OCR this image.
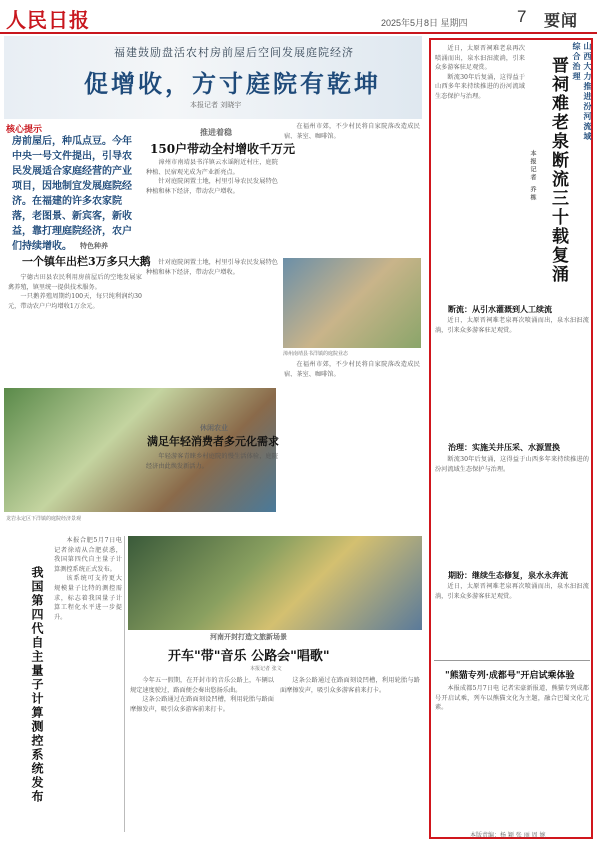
人民日报	2025年5月8日 星期四	7 要闻
福建鼓励盘活农村房前屋后空间发展庭院经济
促增收，方寸庭院有乾坤
本报记者 刘晓宇
核心提示
房前屋后，种瓜点豆。今年中央一号文件提出，引导农民发展适合家庭经营的产业项目，因地制宜发展庭院经济。在福建的许多农家院落，老图景、新宾客，新收益，靠打理庭院经济，农户们持续增收。
推进着稳
150户带动全村增收千万元

漳州市南靖县书洋镇云水谣附近村庄，庭院种植、民宿观光成为产业新亮点。

针对庭院闲置土地，村里引导农民发展特色种植和林下经济，带动农户增收。

在福州市郊，不少村民将自家院落改造成民宿、茶室、咖啡馆。

漳州南靖县书洋镇的庭院业态
特色种养
一个镇年出栏3万多只大鹅

宁德古田县农民利用房前屋后的空地发展家禽养殖，镇里统一提供技术服务。

一只鹅养殖周期约100天，每只纯利润约30元，带动农户户均增收1万余元。

针对庭院闲置土地，村里引导农民发展特色种植和林下经济，带动农户增收。

龙岩永定区下洋镇的庭院经济景观
休闲农业
满足年轻消费者多元化需求

年轻游客青睐乡村庭院的慢生活体验，庭院经济由此焕发新活力。

在福州市郊，不少村民将自家院落改造成民宿、茶室、咖啡馆。

我国第四代自主量子计算测控系统发布

本报合肥5月7日电 记者徐靖从合肥获悉，我国第四代自主量子计算测控系统正式发布。

该系统可支持更大规模量子比特的测控需求，标志着我国量子计算工程化水平进一步提升。

河南开封打造文旅新场景
开车"带"音乐 公路会"唱歌"
本报记者 张文

今年五一假期，在开封市的音乐公路上，车辆以规定速度驶过，路面便会奏出悠扬乐曲。

这条公路通过在路面刻设凹槽，利用轮胎与路面摩擦发声，吸引众多游客前来打卡。

这条公路通过在路面刻设凹槽，利用轮胎与路面摩擦发声，吸引众多游客前来打卡。

山西大力推进汾河流域综合治理
晋祠难老泉断流三十载复涌
本报记者 乔栋

近日，太原晋祠难老泉再次喷涌而出，泉水汩汩流淌，引来众多游客驻足观赏。

断流30年后复涌，这得益于山西多年来持续推进的汾河流域生态保护与治理。

断流：从引水灌溉到人工续流

近日，太原晋祠难老泉再次喷涌而出，泉水汩汩流淌，引来众多游客驻足观赏。

治理：实施关井压采、水源置换

断流30年后复涌，这得益于山西多年来持续推进的汾河流域生态保护与治理。

期盼：继续生态修复，泉水永奔流

近日，太原晋祠难老泉再次喷涌而出，泉水汩汩流淌，引来众多游客驻足观赏。

"熊猫专列·成都号"开启试乘体验

本报成都5月7日电 记者宋豪新报道，熊猫专列成都号开启试乘，列车以熊猫文化为主题，融合巴蜀文化元素。

本版责编：杨 颖 张 丽 周 婉
